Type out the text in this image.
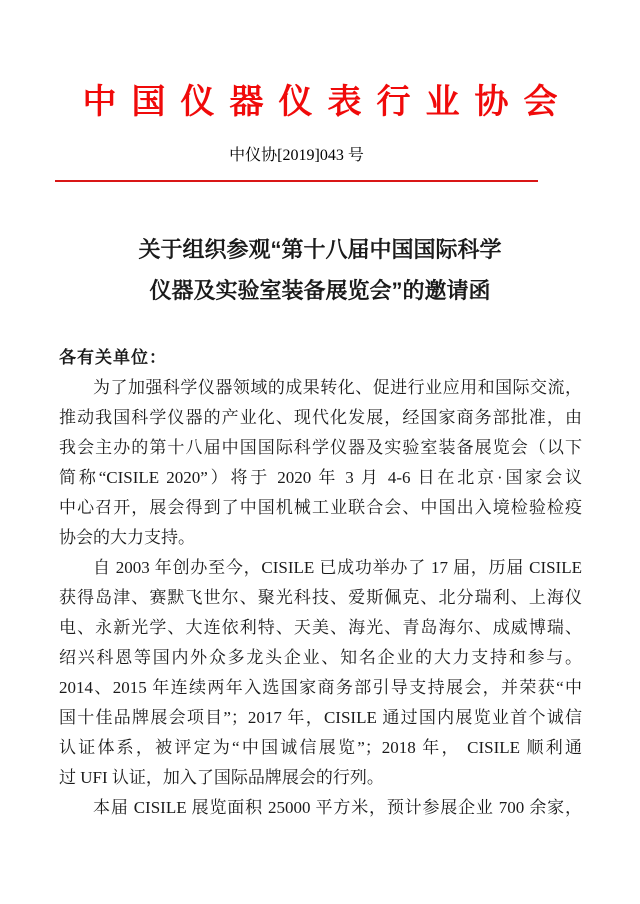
中国仪器仪表行业协会
中仪协[2019]043 号
关于组织参观“第十八届中国国际科学
仪器及实验室装备展览会”的邀请函
各有关单位：
为了加强科学仪器领域的成果转化、促进行业应用和国际交流，
推动我国科学仪器的产业化、现代化发展，经国家商务部批准，由
我会主办的第十八届中国国际科学仪器及实验室装备展览会（以下
简称“CISILE 2020”）将于 2020 年 3 月 4-6 日在北京·国家会议
中心召开，展会得到了中国机械工业联合会、中国出入境检验检疫
协会的大力支持。
自 2003 年创办至今，CISILE 已成功举办了 17 届，历届 CISILE
获得岛津、赛默飞世尔、聚光科技、爱斯佩克、北分瑞利、上海仪
电、永新光学、大连依利特、天美、海光、青岛海尔、成威博瑞、
绍兴科恩等国内外众多龙头企业、知名企业的大力支持和参与。
2014、2015 年连续两年入选国家商务部引导支持展会，并荣获“中
国十佳品牌展会项目”；2017 年，CISILE 通过国内展览业首个诚信
认证体系，被评定为“中国诚信展览”；2018 年， CISILE 顺利通
过 UFI 认证，加入了国际品牌展会的行列。
本届 CISILE 展览面积 25000 平方米，预计参展企业 700 余家，
